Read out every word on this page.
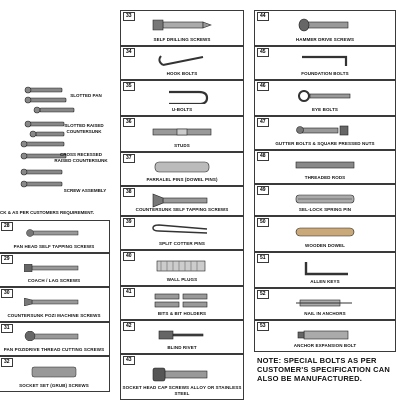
SLOTTED PAN
SLOTTED RAISED COUNTERSUNK
CROSS RECESSED RAISED COUNTERSUNK
SCREW ASSEMBLY
CK & AS PER CUSTOMERS REQUIREMENT.
28
PAN HEAD SELF TAPPING SCREWS
29
COACH / LAG SCREWS
30
COUNTERSUNK POZI MACHINE SCREWS
31
PAN POZIDRIVE THREAD CUTTING SCREWS
32
SOCKET SET (GRUB) SCREWS
33
SELF DRILLING SCREWS
34
HOOK BOLTS
35
U-BOLTS
36
STUDS
37
PARRALEL PINS (DOWEL PINS)
38
COUNTERSUNK SELF TAPPING SCREWS
39
SPLIT COTTER PINS
40
WALL PLUGS
41
BITS & BIT HOLDERS
42
BLIND RIVET
43
SOCKET HEAD CAP SCREWS ALLOY OR STAINLESS STEEL
44
HAMMER DRIVE SCREWS
45
FOUNDATION BOLTS
46
EYE BOLTS
47
GUTTER BOLTS & SQUARE PRESSED NUTS
48
THREADED RODS
49
SEL-LOCK SPRING PIN
50
WOODEN DOWEL
51
ALLEN KEYS
52
NAIL IN ANCHORS
53
ANCHOR EXPANSION BOLT
NOTE: SPECIAL BOLTS AS PER CUSTOMER'S SPECIFICATION CAN ALSO BE MANUFACTURED.
